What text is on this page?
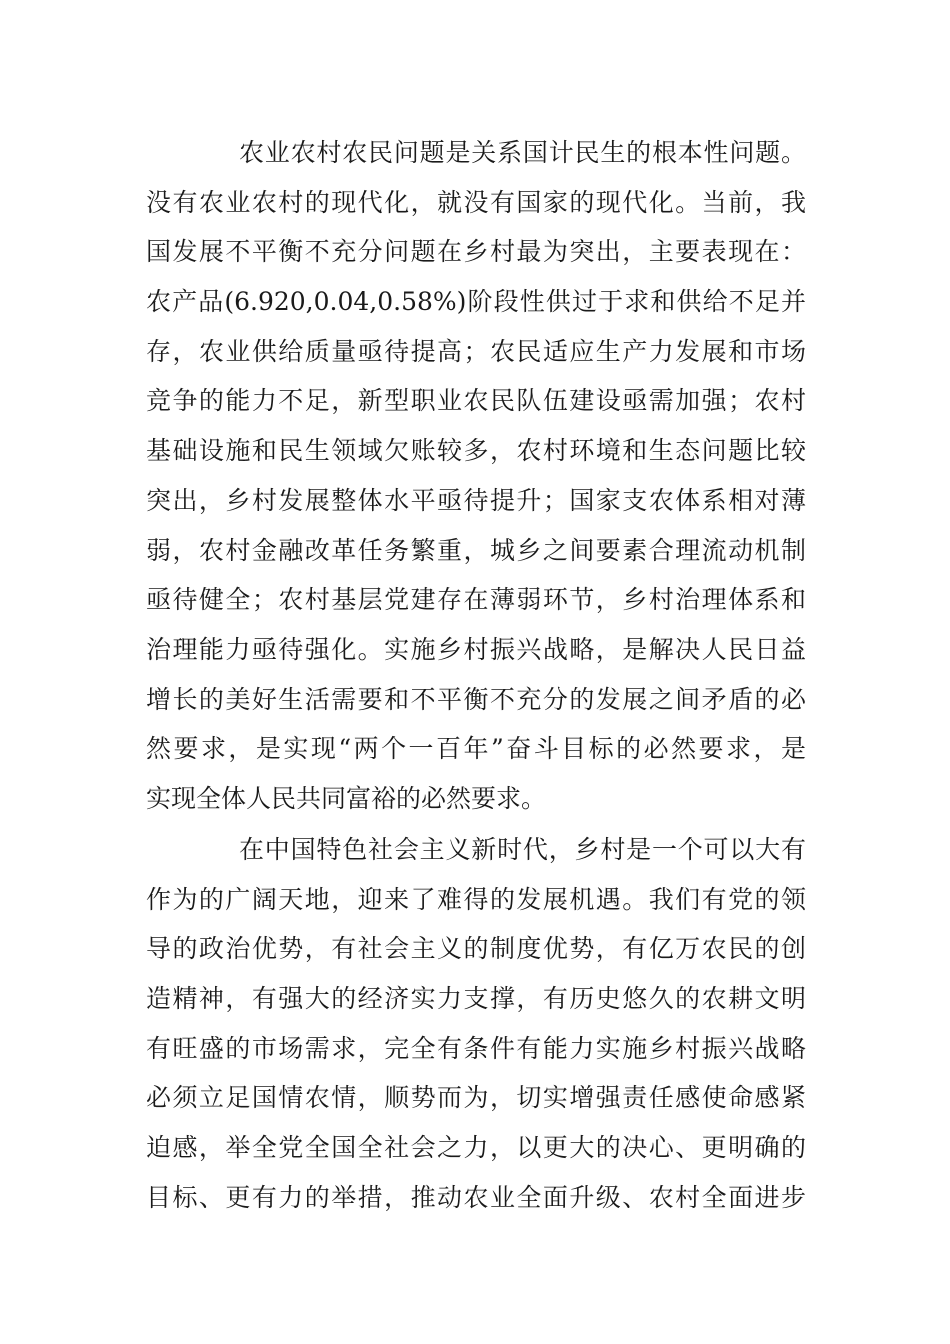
农业农村农民问题是关系国计民生的根本性问题。
没有农业农村的现代化，就没有国家的现代化。当前，我
国发展不平衡不充分问题在乡村最为突出，主要表现在：
农产品(6.920,0.04,0.58%)阶段性供过于求和供给不足并
存，农业供给质量亟待提高；农民适应生产力发展和市场
竞争的能力不足，新型职业农民队伍建设亟需加强；农村
基础设施和民生领域欠账较多，农村环境和生态问题比较
突出，乡村发展整体水平亟待提升；国家支农体系相对薄
弱，农村金融改革任务繁重，城乡之间要素合理流动机制
亟待健全；农村基层党建存在薄弱环节，乡村治理体系和
治理能力亟待强化。实施乡村振兴战略，是解决人民日益
增长的美好生活需要和不平衡不充分的发展之间矛盾的必
然要求，是实现“两个一百年”奋斗目标的必然要求，是
实现全体人民共同富裕的必然要求。
在中国特色社会主义新时代，乡村是一个可以大有
作为的广阔天地，迎来了难得的发展机遇。我们有党的领
导的政治优势，有社会主义的制度优势，有亿万农民的创
造精神，有强大的经济实力支撑，有历史悠久的农耕文明
有旺盛的市场需求，完全有条件有能力实施乡村振兴战略
必须立足国情农情，顺势而为，切实增强责任感使命感紧
迫感，举全党全国全社会之力，以更大的决心、更明确的
目标、更有力的举措，推动农业全面升级、农村全面进步
